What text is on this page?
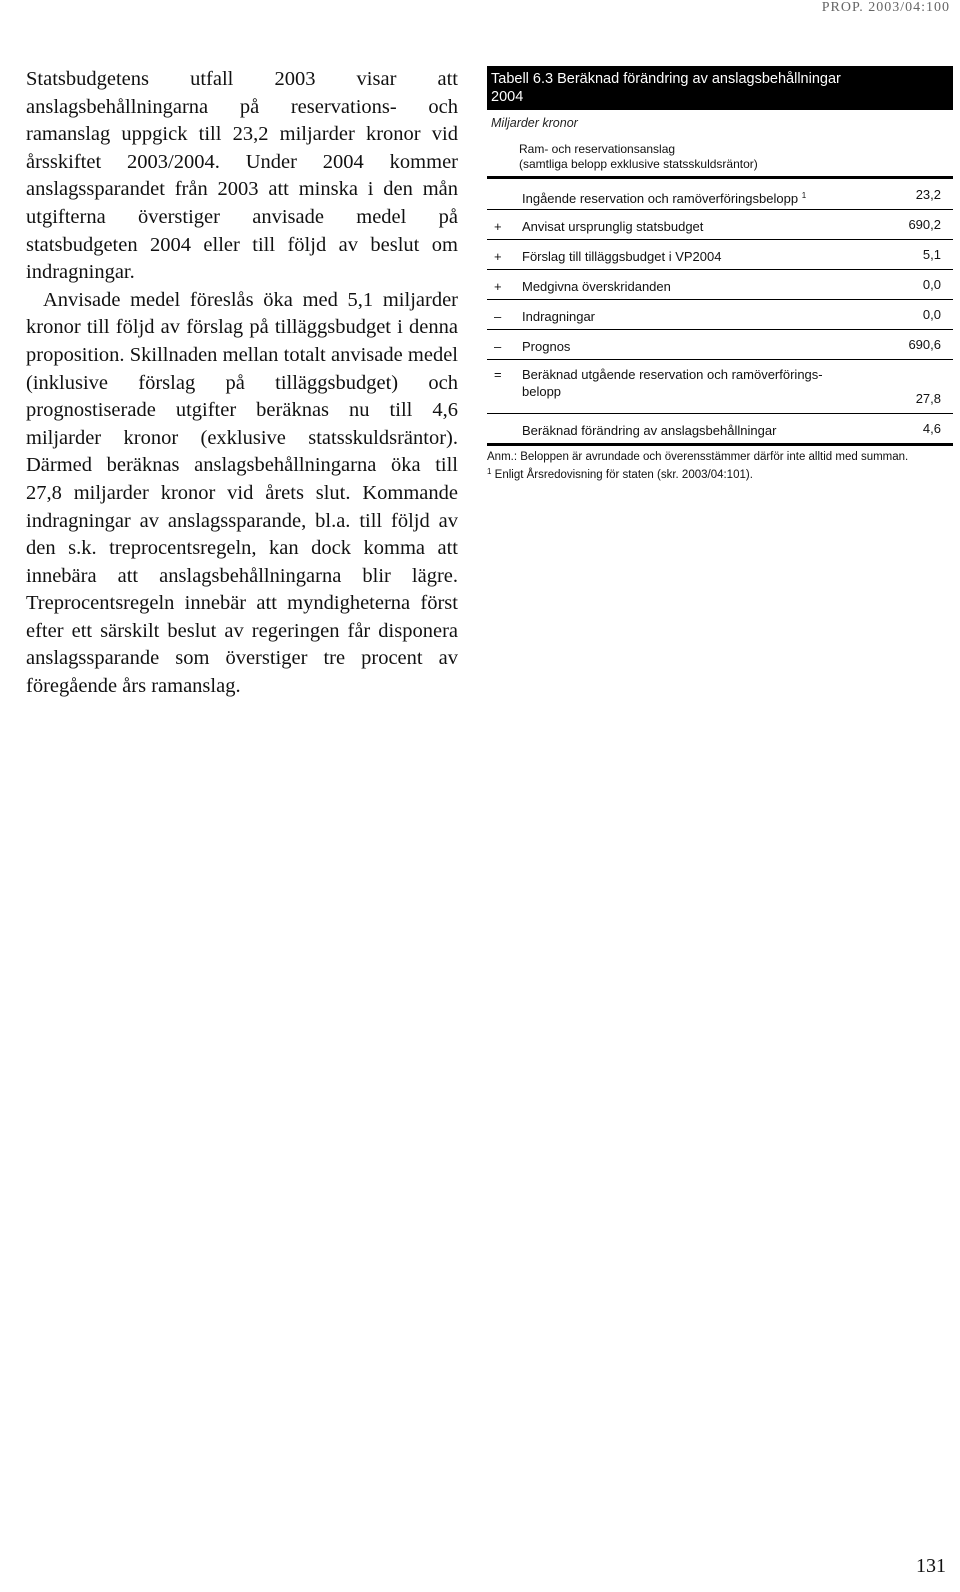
PROP. 2003/04:100

Statsbudgetens utfall 2003 visar att anslagsbehållningarna på reservations- och ramanslag uppgick till 23,2 miljarder kronor vid årsskiftet 2003/2004. Under 2004 kommer anslagssparandet från 2003 att minska i den mån utgifterna överstiger anvisade medel på statsbudgeten 2004 eller till följd av beslut om indragningar.

Anvisade medel föreslås öka med 5,1 miljarder kronor till följd av förslag på tilläggsbudget i denna proposition. Skillnaden mellan totalt anvisade medel (inklusive förslag på tilläggsbudget) och prognostiserade utgifter beräknas nu till 4,6 miljarder kronor (exklusive statsskuldsräntor). Därmed beräknas anslagsbehållningarna öka till 27,8 miljarder kronor vid årets slut. Kommande indragningar av anslagssparande, bl.a. till följd av den s.k. treprocentsregeln, kan dock komma att innebära att anslagsbehållningarna blir lägre. Treprocentsregeln innebär att myndigheterna först efter ett särskilt beslut av regeringen får disponera anslagssparande som överstiger tre procent av föregående års ramanslag.

Tabell 6.3 Beräknad förändring av anslagsbehållningar
2004
Miljarder kronor
Ram- och reservationsanslag
(samtliga belopp exklusive statsskuldsräntor)
Ingående reservation och ramöverföringsbelopp $^1$	23,2
+	Anvisat ursprunglig statsbudget	690,2
+	Förslag till tilläggsbudget i VP2004	5,1
+	Medgivna överskridanden	0,0
–	Indragningar	0,0
–	Prognos	690,6
=	Beräknad utgående reservation och ramöverförings-
belopp	27,8
Beräknad förändring av anslagsbehållningar	4,6
Anm.: Beloppen är avrundade och överensstämmer därför inte alltid med summan.
$^1$ Enligt Årsredovisning för staten (skr. 2003/04:101).
131
